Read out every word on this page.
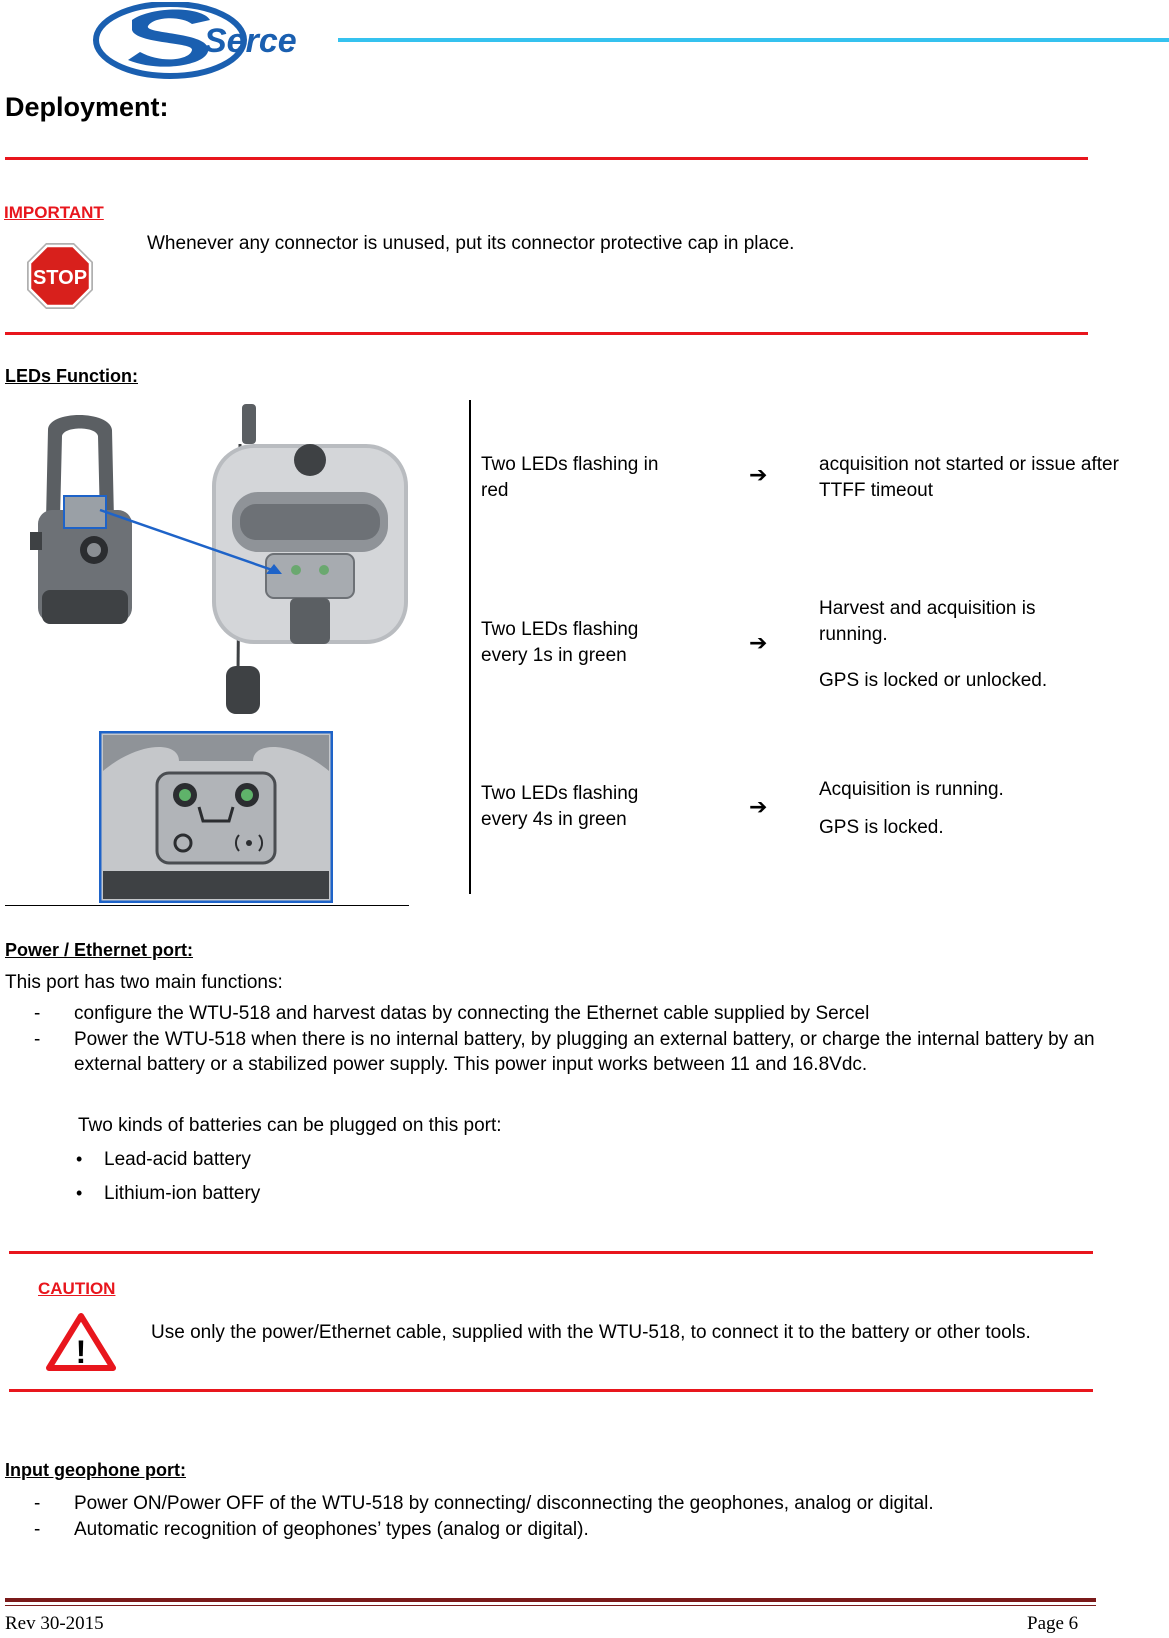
Sercel
Deployment:
IMPORTANT
STOP
Whenever any connector is unused, put its connector protective cap in place.
LEDs Function:
Two LEDs flashing in red
➔	acquisition not started or issue after TTFF timeout
Two LEDs flashing every 1s in green
➔
Harvest and acquisition is running.
GPS is locked or unlocked.
Two LEDs flashing every 4s in green
➔
Acquisition is running.
GPS is locked.
Power / Ethernet port:
This port has two main functions:
- configure the WTU-518 and harvest datas by connecting the Ethernet cable supplied by Sercel
- Power the WTU-518 when there is no internal battery, by plugging an external battery, or charge the internal battery by an external battery or a stabilized power supply. This power input works between 11 and 16.8Vdc.
Two kinds of batteries can be plugged on this port:
• Lead-acid battery
• Lithium-ion battery
CAUTION
!
Use only the power/Ethernet cable, supplied with the WTU-518, to connect it to the battery or other tools.
Input geophone port:
- Power ON/Power OFF of the WTU-518 by connecting/ disconnecting the geophones, analog or digital.
- Automatic recognition of geophones’ types (analog or digital).
Rev 30-2015	Page 6
